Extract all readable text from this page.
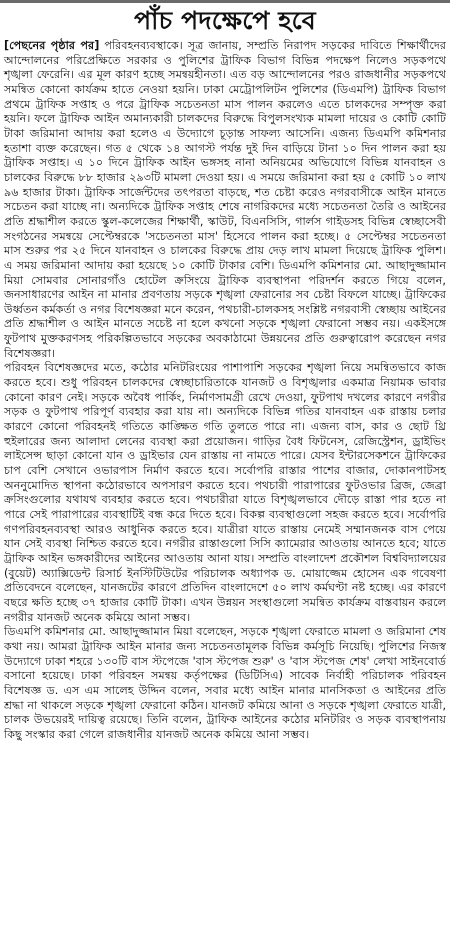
পাঁচ পদক্ষেপে হবে

[পেছনের পৃষ্ঠার পর] পরিবহনব্যবস্থাকে। সূত্র জানায়, সম্প্রতি নিরাপদ সড়কের দাবিতে শিক্ষার্থীদের আন্দোলনের পরিপ্রেক্ষিতে সরকার ও পুলিশের ট্রাফিক বিভাগ বিভিন্ন পদক্ষেপ নিলেও সড়কপথে শৃঙ্খলা ফেরেনি। এর মূল কারণ হচ্ছে সমন্বয়হীনতা। এত বড় আন্দোলনের পরও রাজধানীর সড়কপথে সমন্বিত কোনো কার্যক্রম হাতে নেওয়া হয়নি। ঢাকা মেট্রোপলিটন পুলিশের (ডিএমপি) ট্রাফিক বিভাগ প্রথমে ট্রাফিক সপ্তাহ ও পরে ট্রাফিক সচেতনতা মাস পালন করলেও এতে চালকদের সম্পৃক্ত করা হয়নি। ফলে ট্রাফিক আইন অমান্যকারী চালকদের বিরুদ্ধে বিপুলসংখ্যক মামলা দায়ের ও কোটি কোটি টাকা জরিমানা আদায় করা হলেও এ উদ্যোগে চূড়ান্ত সাফল্য আসেনি। এজন্য ডিএমপি কমিশনার হতাশা ব্যক্ত করেছেন। গত ৫ থেকে ১৪ আগস্ট পর্যন্ত দুই দিন বাড়িয়ে টানা ১০ দিন পালন করা হয় ট্রাফিক সপ্তাহ। এ ১০ দিনে ট্রাফিক আইন ভঙ্গসহ নানা অনিয়মের অভিযোগে বিভিন্ন যানবাহন ও চালকের বিরুদ্ধে ৮৮ হাজার ২৯৩টি মামলা দেওয়া হয়। এ সময়ে জরিমানা করা হয় ৫ কোটি ১০ লাখ ৯৬ হাজার টাকা। ট্রাফিক সার্জেন্টদের তৎপরতা বাড়ছে, শত চেষ্টা করেও নগরবাসীকে আইন মানতে সচেতন করা যাচ্ছে না। অন্যদিকে ট্রাফিক সপ্তাহ শেষে নাগরিকদের মধ্যে সচেতনতা তৈরি ও আইনের প্রতি শ্রদ্ধাশীল করতে স্কুল-কলেজের শিক্ষার্থী, স্কাউট, বিএনসিসি, গার্লস গাইডসহ বিভিন্ন স্বেচ্ছাসেবী সংগঠনের সমন্বয়ে সেপ্টেম্বরকে 'সচেতনতা মাস' হিসেবে পালন করা হচ্ছে। ৫ সেপ্টেম্বর সচেতনতা মাস শুরুর পর ২৫ দিনে যানবাহন ও চালকের বিরুদ্ধে প্রায় দেড় লাখ মামলা দিয়েছে ট্রাফিক পুলিশ। এ সময় জরিমানা আদায় করা হয়েছে ১০ কোটি টাকার বেশি। ডিএমপি কমিশনার মো. আছাদুজ্জামান মিয়া সোমবার সোনারগাঁও হোটেল ক্রসিংয়ে ট্রাফিক ব্যবস্থাপনা পরিদর্শন করতে গিয়ে বলেন, জনসাধারণের আইন না মানার প্রবণতায় সড়কে শৃঙ্খলা ফেরানোর সব চেষ্টা বিফলে যাচ্ছে। ট্রাফিকের উর্ধ্বতন কর্মকর্তা ও নগর বিশেষজ্ঞরা মনে করেন, পথচারী-চালকসহ সংশ্লিষ্ট নগরবাসী স্বেচ্ছায় আইনের প্রতি শ্রদ্ধাশীল ও আইন মানতে সচেষ্ট না হলে কখনো সড়কে শৃঙ্খলা ফেরানো সম্ভব নয়। একইসঙ্গে ফুটপাথ মুক্তকরণসহ পরিকল্পিতভাবে সড়কের অবকাঠামো উন্নয়নের প্রতি গুরুত্বারোপ করেছেন নগর বিশেষজ্ঞরা।

পরিবহন বিশেষজ্ঞদের মতে, কঠোর মনিটরিংয়ের পাশাপাশি সড়কের শৃঙ্খলা নিয়ে সমন্বিতভাবে কাজ করতে হবে। শুধু পরিবহন চালকদের স্বেচ্ছাচারিতাকে যানজট ও বিশৃঙ্খলার একমাত্র নিয়ামক ভাবার কোনো কারণ নেই। সড়কে অবৈধ পার্কিং, নির্মাণসামগ্রী রেখে দেওয়া, ফুটপাথ দখলের কারণে নগরীর সড়ক ও ফুটপাথ পরিপূর্ণ ব্যবহার করা যায় না। অন্যদিকে বিভিন্ন গতির যানবাহন এক রাস্তায় চলার কারণে কোনো পরিবহনই গতিতে কাঙ্ক্ষিত গতি তুলতে পারে না। এজন্য বাস, কার ও ছোট থ্রি হুইলারের জন্য আলাদা লেনের ব্যবস্থা করা প্রয়োজন। গাড়ির বৈধ ফিটনেস, রেজিস্ট্রেশন, ড্রাইভিং লাইসেন্স ছাড়া কোনো যান ও ড্রাইভার যেন রাস্তায় না নামতে পারে। যেসব ইন্টারসেকশনে ট্রাফিকের চাপ বেশি সেখানে ওভারপাস নির্মাণ করতে হবে। সর্বোপরি রাস্তার পাশের বাজার, দোকানপাটসহ অননুমোদিত স্থাপনা কঠোরভাবে অপসারণ করতে হবে। পথচারী পারাপারের ফুটওভার ব্রিজ, জেব্রা ক্রসিংগুলোর যথাযথ ব্যবহার করতে হবে। পথচারীরা যাতে বিশৃঙ্খলভাবে দৌড়ে রাস্তা পার হতে না পারে সেই পারাপারের ব্যবস্থাটিই বন্ধ করে দিতে হবে। বিকল্প ব্যবস্থাগুলো সহজ করতে হবে। সর্বোপরি গণপরিবহনব্যবস্থা আরও আধুনিক করতে হবে। যাত্রীরা যাতে রাস্তায় নেমেই সম্মানজনক বাস পেয়ে যান সেই ব্যবস্থা নিশ্চিত করতে হবে। নগরীর রাস্তাগুলো সিসি ক্যামেরার আওতায় আনতে হবে; যাতে ট্রাফিক আইন ভঙ্গকারীদের আইনের আওতায় আনা যায়। সম্প্রতি বাংলাদেশ প্রকৌশল বিশ্ববিদ্যালয়ের (বুয়েট) অ্যাক্সিডেন্ট রিসার্চ ইনস্টিটিউটের পরিচালক অধ্যাপক ড. মোয়াজ্জেম হোসেন এক গবেষণা প্রতিবেদনে বলেছেন, যানজটের কারণে প্রতিদিন বাংলাদেশে ৫০ লাখ কর্মঘণ্টা নষ্ট হচ্ছে। এর কারণে বছরে ক্ষতি হচ্ছে ৩৭ হাজার কোটি টাকা। এখন উন্নয়ন সংস্থাগুলো সমন্বিত কার্যক্রম বাস্তবায়ন করলে নগরীর যানজট অনেক কমিয়ে আনা সম্ভব।

ডিএমপি কমিশনার মো. আছাদুজ্জামান মিয়া বলেছেন, সড়কে শৃঙ্খলা ফেরাতে মামলা ও জরিমানা শেষ কথা নয়। আমরা ট্রাফিক আইন মানার জন্য সচেতনতামূলক বিভিন্ন কর্মসূচি নিয়েছি। পুলিশের নিজস্ব উদ্যোগে ঢাকা শহরে ১৩০টি বাস স্টপেজে 'বাস স্টপেজ শুরু' ও 'বাস স্টপেজ শেষ' লেখা সাইনবোর্ড বসানো হয়েছে। ঢাকা পরিবহন সমন্বয় কর্তৃপক্ষের (ডিটিসিএ) সাবেক নির্বাহী পরিচালক পরিবহন বিশেষজ্ঞ ড. এস এম সালেহ উদ্দিন বলেন, সবার মধ্যে আইন মানার মানসিকতা ও আইনের প্রতি শ্রদ্ধা না থাকলে সড়কে শৃঙ্খলা ফেরানো কঠিন। যানজট কমিয়ে আনা ও সড়কে শৃঙ্খলা ফেরাতে যাত্রী, চালক উভয়েরই দায়িত্ব রয়েছে। তিনি বলেন, ট্রাফিক আইনের কঠোর মনিটরিং ও সড়ক ব্যবস্থাপনায় কিছু সংস্কার করা গেলে রাজধানীর যানজট অনেক কমিয়ে আনা সম্ভব।
